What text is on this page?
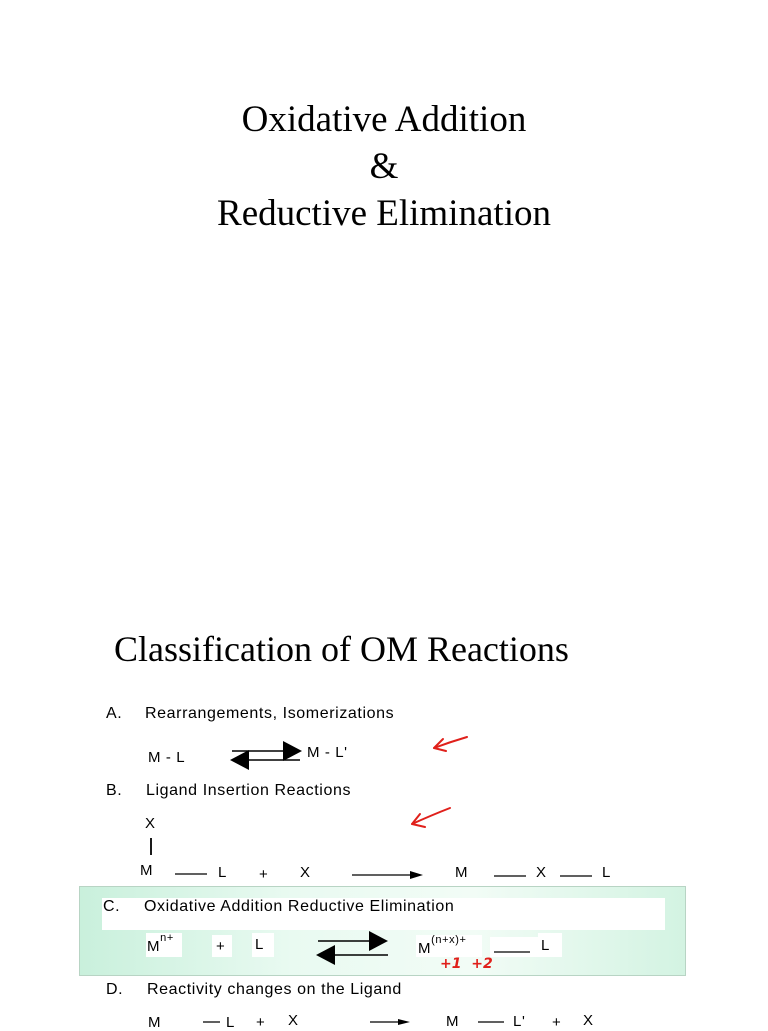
Oxidative Addition
&
Reductive Elimination
Classification of OM Reactions
A. Rearrangements, Isomerizations
M - L	M - L'
B. Ligand Insertion Reactions
X
M	L + X	M	X	L
C. Oxidative Addition Reductive Elimination
$M^{n+}$	+ L	$M^{(n+x)+}$	L
+1  +2
D. Reactivity changes on the Ligand
M	L + X	M	L' + X
